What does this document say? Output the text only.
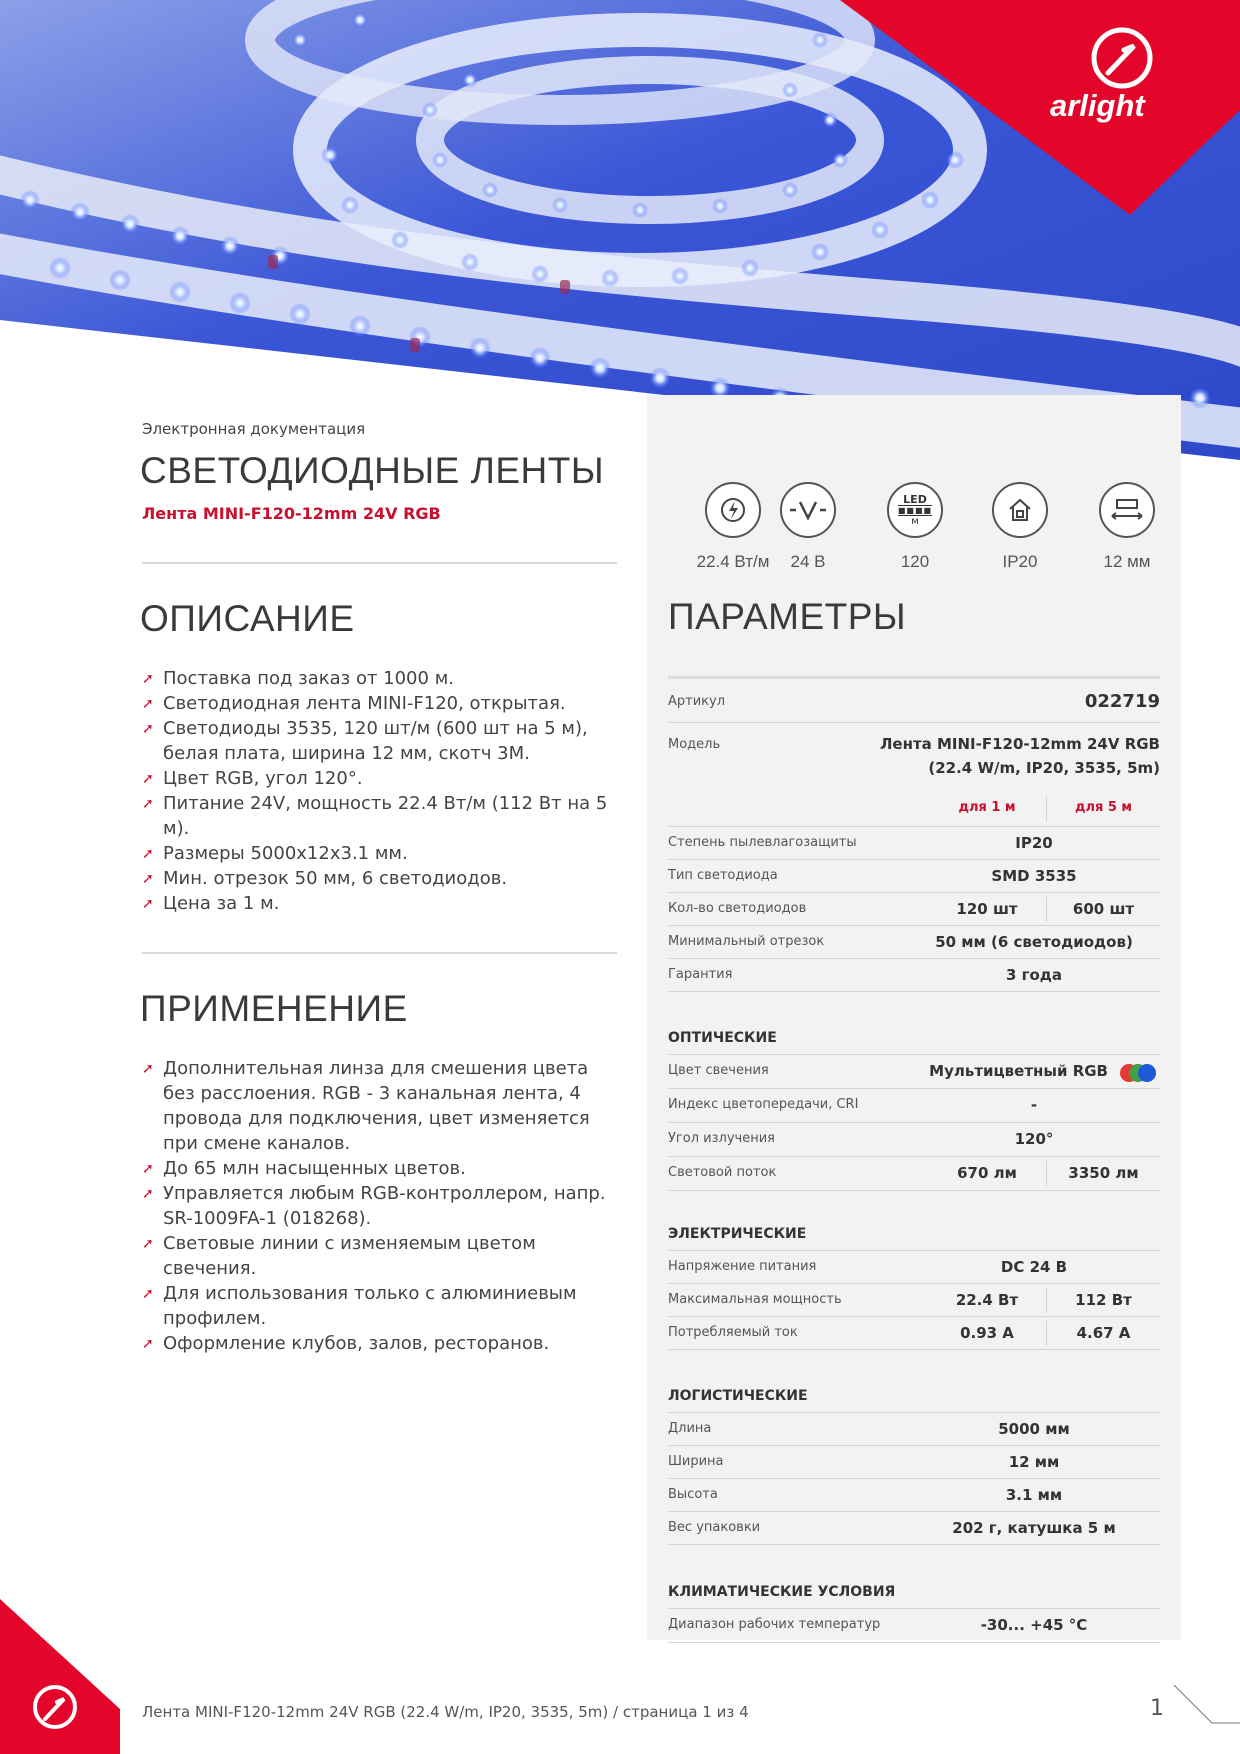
arlight
Электронная документация
СВЕТОДИОДНЫЕ ЛЕНТЫ
Лента MINI-F120-12mm 24V RGB
22.4 Вт/м	24 В
LED
■■■■
м
120	IP20	12 мм
ОПИСАНИЕ
➚ Поставка под заказ от 1000 м.
➚ Светодиодная лента MINI-F120, открытая.
➚ Светодиоды 3535, 120 шт/м (600 шт на 5 м), белая плата, ширина 12 мм, скотч 3М.
➚ Цвет RGB, угол 120°.
➚ Питание 24V, мощность 22.4 Вт/м (112 Вт на 5 м).
➚ Размеры 5000x12x3.1 мм.
➚ Мин. отрезок 50 мм, 6 светодиодов.
➚ Цена за 1 м.
ПРИМЕНЕНИЕ
➚ Дополнительная линза для смешения цвета без расслоения. RGB - 3 канальная лента, 4 провода для подключения, цвет изменяется при смене каналов.
➚ До 65 млн насыщенных цветов.
➚ Управляется любым RGB-контроллером, напр. SR-1009FA-1 (018268).
➚ Световые линии с изменяемым цветом свечения.
➚ Для использования только с алюминиевым профилем.
➚ Оформление клубов, залов, ресторанов.
ПАРАМЕТРЫ
Артикул	022719
Модель	Лента MINI-F120-12mm 24V RGB
(22.4 W/m, IP20, 3535, 5m)
для 1 м	для 5 м
Степень пылевлагозащиты	IP20
Тип светодиода	SMD 3535
Кол-во светодиодов	120 шт	600 шт
Минимальный отрезок	50 мм (6 светодиодов)
Гарантия	3 года
ОПТИЧЕСКИЕ
Цвет свечения	Мультицветный RGB
Индекс цветопередачи, CRI	-
Угол излучения	120°
Световой поток	670 лм	3350 лм
ЭЛЕКТРИЧЕСКИЕ
Напряжение питания	DC 24 В
Максимальная мощность	22.4 Вт	112 Вт
Потребляемый ток	0.93 А	4.67 А
ЛОГИСТИЧЕСКИЕ
Длина	5000 мм
Ширина	12 мм
Высота	3.1 мм
Вес упаковки	202 г, катушка 5 м
КЛИМАТИЧЕСКИЕ УСЛОВИЯ
Диапазон рабочих температур	-30... +45 °C
Лента MINI-F120-12mm 24V RGB (22.4 W/m, IP20, 3535, 5m) / страница 1 из 4	1
